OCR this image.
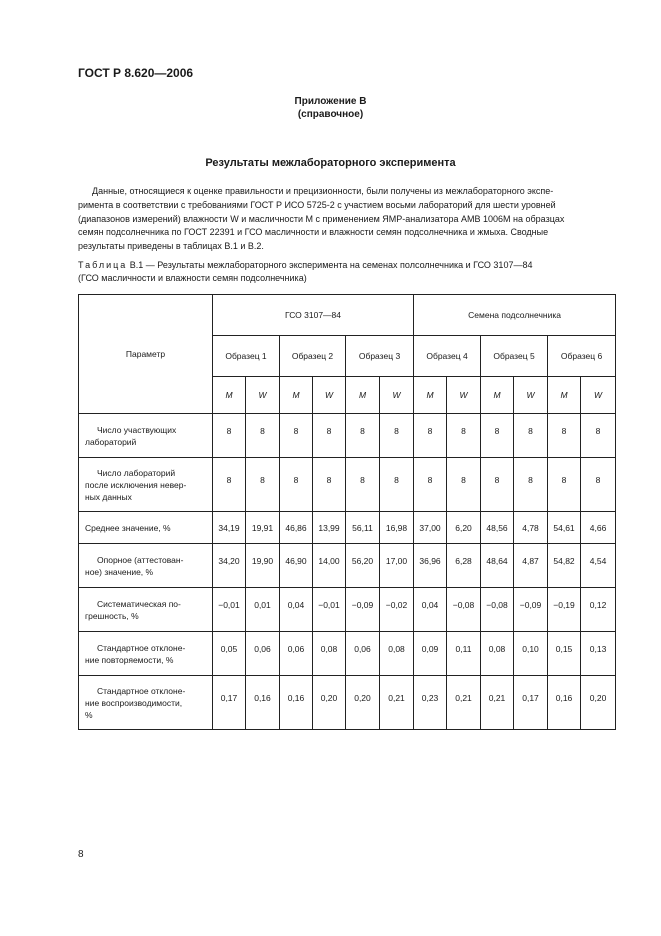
ГОСТ Р 8.620—2006
Приложение В
(справочное)
Результаты межлабораторного эксперимента
Данные, относящиеся к оценке правильности и прецизионности, были получены из межлабораторного экспе-
римента в соответствии с требованиями ГОСТ Р ИСО 5725-2 с участием восьми лабораторий для шести уровней
(диапазонов измерений) влажности W и масличности M с применением ЯМР-анализатора АМВ 1006М на образцах
семян подсолнечника по ГОСТ 22391 и ГСО масличности и влажности семян подсолнечника и жмыха. Сводные
результаты приведены в таблицах В.1 и В.2.
Таблица В.1 — Результаты межлабораторного эксперимента на семенах полсолнечника и ГСО 3107—84
(ГСО масличности и влажности семян подсолнечника)
Параметр	ГСО 3107—84						Семена подсолнечника					
	Образец 1		Образец 2		Образец 3		Образец 4		Образец 5		Образец 6	
	M	W	M	W	M	W	M	W	M	W	M	W

Число участвующих
лабораторий	8	8	8	8	8	8	8	8	8	8	8	8

Число лабораторий
после исключения невер-
ных данных	8	8	8	8	8	8	8	8	8	8	8	8

Среднее значение, %	34,19	19,91	46,86	13,99	56,11	16,98	37,00	6,20	48,56	4,78	54,61	4,66

Опорное (аттестован-
ное) значение, %	34,20	19,90	46,90	14,00	56,20	17,00	36,96	6,28	48,64	4,87	54,82	4,54

Систематическая по-
грешность, %	−0,01	0,01	0,04	−0,01	−0,09	−0,02	0,04	−0,08	−0,08	−0,09	−0,19	0,12

Стандартное отклоне-
ние повторяемости, %	0,05	0,06	0,06	0,08	0,06	0,08	0,09	0,11	0,08	0,10	0,15	0,13

Стандартное отклоне-
ние воспроизводимости,
%	0,17	0,16	0,16	0,20	0,20	0,21	0,23	0,21	0,21	0,17	0,16	0,20
8
